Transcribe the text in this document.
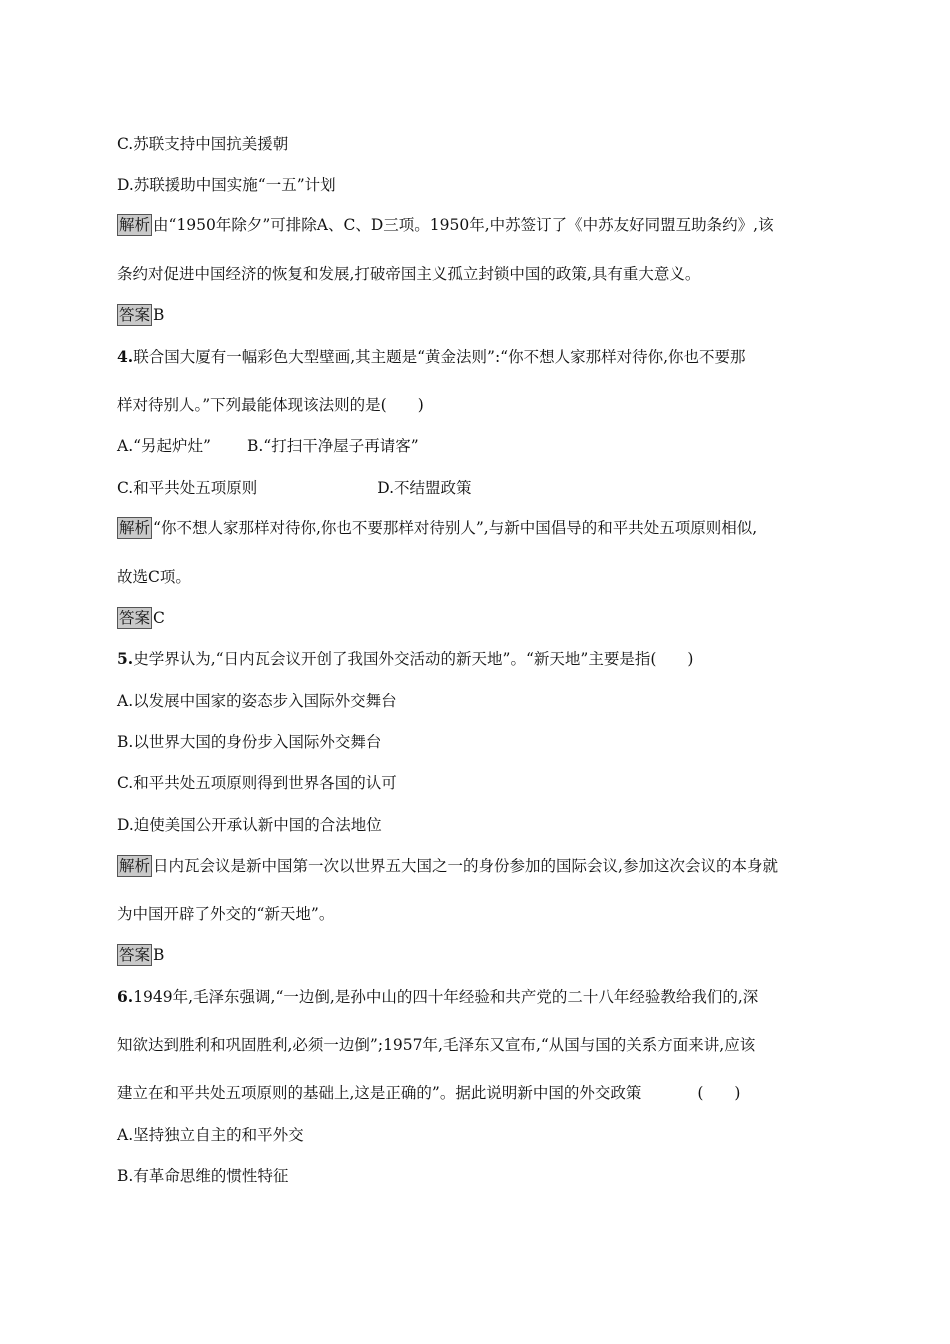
C.苏联支持中国抗美援朝
D.苏联援助中国实施“一五”计划
解析 由“1950年除夕”可排除A、C、D三项。1950年,中苏签订了《中苏友好同盟互助条约》,该
条约对促进中国经济的恢复和发展,打破帝国主义孤立封锁中国的政策,具有重大意义。
答案 B
4.联合国大厦有一幅彩色大型壁画,其主题是“黄金法则”:“你不想人家那样对待你,你也不要那
样对待别人。”下列最能体现该法则的是(　　)
A.“另起炉灶” B.“打扫干净屋子再请客”
C.和平共处五项原则	D.不结盟政策
解析 “你不想人家那样对待你,你也不要那样对待别人”,与新中国倡导的和平共处五项原则相似,
故选C项。
答案 C
5.史学界认为,“日内瓦会议开创了我国外交活动的新天地”。“新天地”主要是指(　　)
A.以发展中国家的姿态步入国际外交舞台
B.以世界大国的身份步入国际外交舞台
C.和平共处五项原则得到世界各国的认可
D.迫使美国公开承认新中国的合法地位
解析 日内瓦会议是新中国第一次以世界五大国之一的身份参加的国际会议,参加这次会议的本身就
为中国开辟了外交的“新天地”。
答案 B
6.1949年,毛泽东强调,“一边倒,是孙中山的四十年经验和共产党的二十八年经验教给我们的,深
知欲达到胜利和巩固胜利,必须一边倒”;1957年,毛泽东又宣布,“从国与国的关系方面来讲,应该
建立在和平共处五项原则的基础上,这是正确的”。据此说明新中国的外交政策	(　　)
A.坚持独立自主的和平外交
B.有革命思维的惯性特征
